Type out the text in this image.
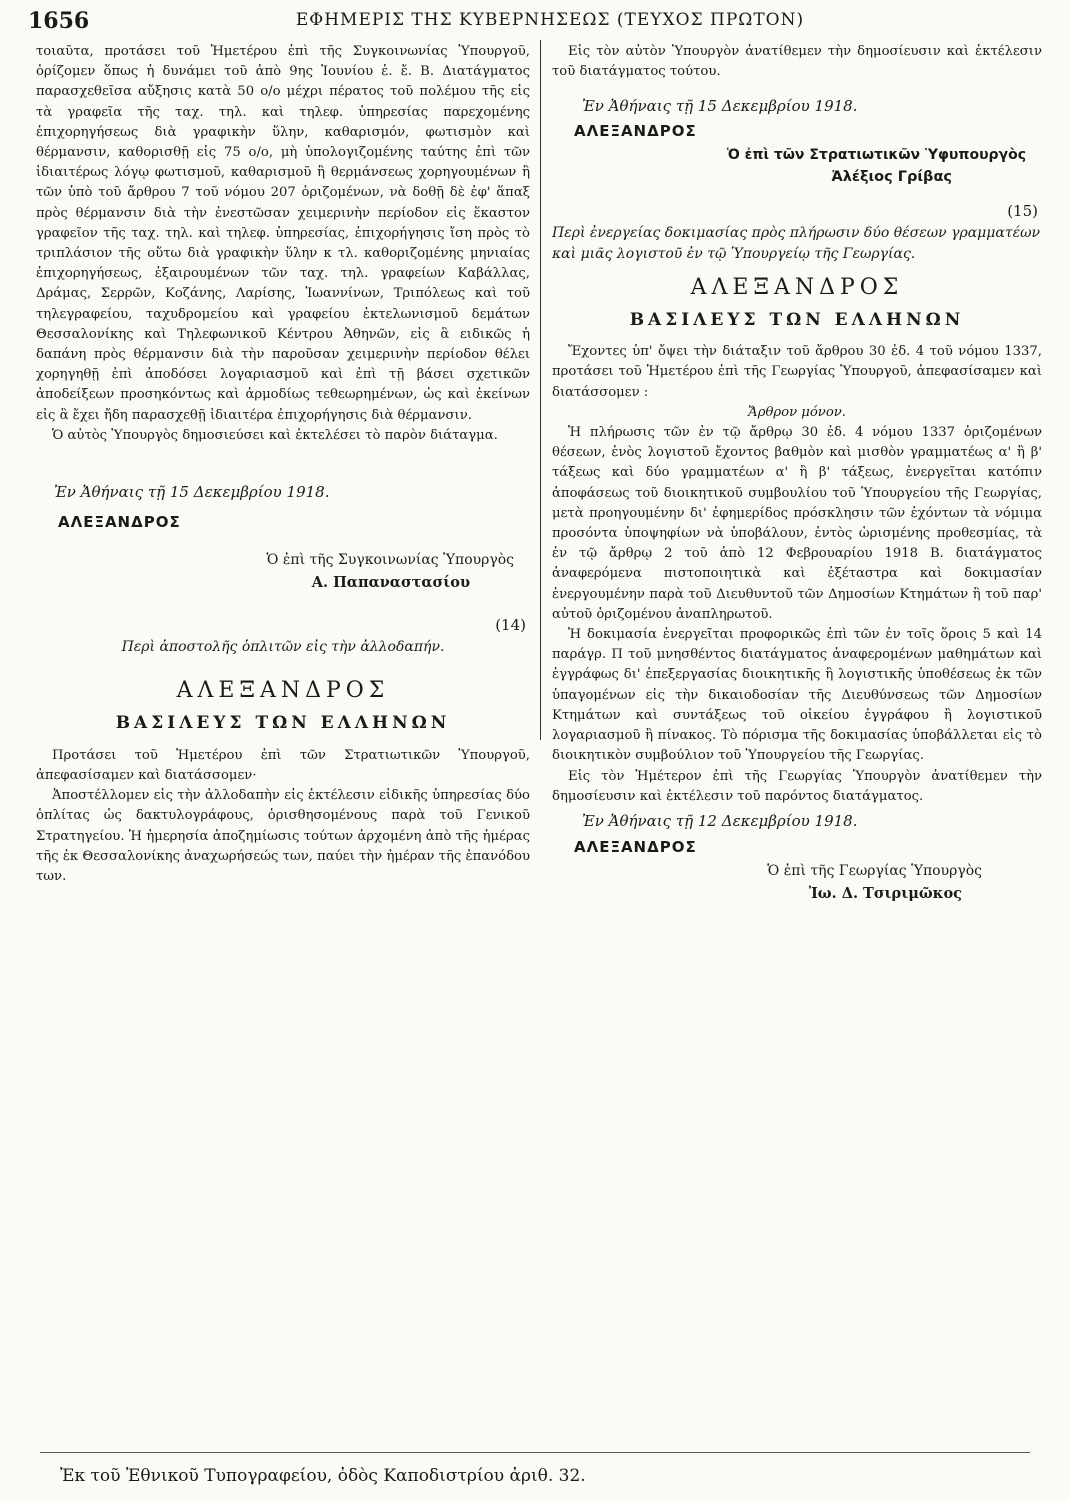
1656	ΕΦΗΜΕΡΙΣ ΤΗΣ ΚΥΒΕΡΝΗΣΕΩΣ (ΤΕΥΧΟΣ ΠΡΩΤΟΝ)

τοιαῦτα, προτάσει τοῦ Ἡμετέρου ἐπὶ τῆς Συγκοινωνίας Ὑπουργοῦ, ὁρίζομεν ὅπως ἡ δυνάμει τοῦ ἀπὸ 9ης Ἰουνίου ἐ. ἔ. Β. Διατάγματος παρασχεθεῖσα αὔξησις κατὰ 50 ο/ο μέχρι πέρατος τοῦ πολέμου τῆς εἰς τὰ γραφεῖα τῆς ταχ. τηλ. καὶ τηλεφ. ὑπηρεσίας παρεχομένης ἐπιχορηγήσεως διὰ γραφικὴν ὕλην, καθαρισμόν, φωτισμὸν καὶ θέρμανσιν, καθορισθῇ εἰς 75 ο/ο, μὴ ὑπολογιζομένης ταύτης ἐπὶ τῶν ἰδιαιτέρως λόγῳ φωτισμοῦ, καθαρισμοῦ ἢ θερμάνσεως χορηγουμένων ἢ τῶν ὑπὸ τοῦ ἄρθρου 7 τοῦ νόμου 207 ὁριζομένων, νὰ δοθῇ δὲ ἐφ' ἅπαξ πρὸς θέρμανσιν διὰ τὴν ἐνεστῶσαν χειμερινὴν περίοδον εἰς ἕκαστον γραφεῖον τῆς ταχ. τηλ. καὶ τηλεφ. ὑπηρεσίας, ἐπιχορήγησις ἴση πρὸς τὸ τριπλάσιον τῆς οὕτω διὰ γραφικὴν ὕλην κ τλ. καθοριζομένης μηνιαίας ἐπιχορηγήσεως, ἐξαιρουμένων τῶν ταχ. τηλ. γραφείων Καβάλλας, Δράμας, Σερρῶν, Κοζάνης, Λαρίσης, Ἰωαννίνων, Τριπόλεως καὶ τοῦ τηλεγραφείου, ταχυδρομείου καὶ γραφείου ἐκτελωνισμοῦ δεμάτων Θεσσαλονίκης καὶ Τηλεφωνικοῦ Κέντρου Ἀθηνῶν, εἰς ἃ ειδικῶς ἡ δαπάνη πρὸς θέρμανσιν διὰ τὴν παροῦσαν χειμερινὴν περίοδον θέλει χορηγηθῇ ἐπὶ ἀποδόσει λογαριασμοῦ καὶ ἐπὶ τῇ βάσει σχετικῶν ἀποδείξεων προσηκόντως καὶ ἁρμοδίως τεθεωρημένων, ὡς καὶ ἐκείνων εἰς ἃ ἔχει ἤδη παρασχεθῇ ἰδιαιτέρα ἐπιχορήγησις διὰ θέρμανσιν.

Ὁ αὐτὸς Ὑπουργὸς δημοσιεύσει καὶ ἐκτελέσει τὸ παρὸν διάταγμα.

Ἐν Ἀθήναις τῇ 15 Δεκεμβρίου 1918.
ΑΛΕΞΑΝΔΡΟΣ
Ὁ ἐπὶ τῆς Συγκοινωνίας Ὑπουργὸς
Α. Παπαναστασίου
(14)
Περὶ ἀποστολῆς ὁπλιτῶν εἰς τὴν ἀλλοδαπήν.
ΑΛΕΞΑΝΔΡΟΣ
ΒΑΣΙΛΕΥΣ ΤΩΝ ΕΛΛΗΝΩΝ

Προτάσει τοῦ Ἡμετέρου ἐπὶ τῶν Στρατιωτικῶν Ὑπουργοῦ, ἀπεφασίσαμεν καὶ διατάσσομεν·

Ἀποστέλλομεν εἰς τὴν ἀλλοδαπὴν εἰς ἐκτέλεσιν εἰδικῆς ὑπηρεσίας δύο ὁπλίτας ὡς δακτυλογράφους, ὁρισθησομένους παρὰ τοῦ Γενικοῦ Στρατηγείου. Ἡ ἡμερησία ἀποζημίωσις τούτων ἀρχομένη ἀπὸ τῆς ἡμέρας τῆς ἐκ Θεσσαλονίκης ἀναχωρήσεώς των, παύει τὴν ἡμέραν τῆς ἐπανόδου των.

Εἰς τὸν αὐτὸν Ὑπουργὸν ἀνατίθεμεν τὴν δημοσίευσιν καὶ ἐκτέλεσιν τοῦ διατάγματος τούτου.

Ἐν Ἀθήναις τῇ 15 Δεκεμβρίου 1918.
ΑΛΕΞΑΝΔΡΟΣ
Ὁ ἐπὶ τῶν Στρατιωτικῶν Ὑφυπουργὸς
Ἀλέξιος Γρίβας
(15)
Περὶ ἐνεργείας δοκιμασίας πρὸς πλήρωσιν δύο θέσεων γραμματέων καὶ μιᾶς λογιστοῦ ἐν τῷ Ὑπουργείῳ τῆς Γεωργίας.
ΑΛΕΞΑΝΔΡΟΣ
ΒΑΣΙΛΕΥΣ ΤΩΝ ΕΛΛΗΝΩΝ

Ἔχοντες ὑπ' ὄψει τὴν διάταξιν τοῦ ἄρθρου 30 ἐδ. 4 τοῦ νόμου 1337, προτάσει τοῦ Ἡμετέρου ἐπὶ τῆς Γεωργίας Ὑπουργοῦ, ἀπεφασίσαμεν καὶ διατάσσομεν :

Ἄρθρον μόνον.

Ἡ πλήρωσις τῶν ἐν τῷ ἄρθρῳ 30 ἐδ. 4 νόμου 1337 ὁριζομένων θέσεων, ἑνὸς λογιστοῦ ἔχοντος βαθμὸν καὶ μισθὸν γραμματέως α' ἢ β' τάξεως καὶ δύο γραμματέων α' ἢ β' τάξεως, ἐνεργεῖται κατόπιν ἀποφάσεως τοῦ διοικητικοῦ συμβουλίου τοῦ Ὑπουργείου τῆς Γεωργίας, μετὰ προηγουμένην δι' ἐφημερίδος πρόσκλησιν τῶν ἐχόντων τὰ νόμιμα προσόντα ὑποψηφίων νὰ ὑποβάλουν, ἐντὸς ὡρισμένης προθεσμίας, τὰ ἐν τῷ ἄρθρῳ 2 τοῦ ἀπὸ 12 Φεβρουαρίου 1918 Β. διατάγματος ἀναφερόμενα πιστοποιητικὰ καὶ ἐξέταστρα καὶ δοκιμασίαν ἐνεργουμένην παρὰ τοῦ Διευθυντοῦ τῶν Δημοσίων Κτημάτων ἢ τοῦ παρ' αὐτοῦ ὁριζομένου ἀναπληρωτοῦ.

Ἡ δοκιμασία ἐνεργεῖται προφορικῶς ἐπὶ τῶν ἐν τοῖς ὅροις 5 καὶ 14 παράγρ. Π τοῦ μνησθέντος διατάγματος ἀναφερομένων μαθημάτων καὶ ἐγγράφως δι' ἐπεξεργασίας διοικητικῆς ἢ λογιστικῆς ὑποθέσεως ἐκ τῶν ὑπαγομένων εἰς τὴν δικαιοδοσίαν τῆς Διευθύνσεως τῶν Δημοσίων Κτημάτων καὶ συντάξεως τοῦ οἰκείου ἐγγράφου ἢ λογιστικοῦ λογαριασμοῦ ἢ πίνακος. Τὸ πόρισμα τῆς δοκιμασίας ὑποβάλλεται εἰς τὸ διοικητικὸν συμβούλιον τοῦ Ὑπουργείου τῆς Γεωργίας.

Εἰς τὸν Ἡμέτερον ἐπὶ τῆς Γεωργίας Ὑπουργὸν ἀνατίθεμεν τὴν δημοσίευσιν καὶ ἐκτέλεσιν τοῦ παρόντος διατάγματος.

Ἐν Ἀθήναις τῇ 12 Δεκεμβρίου 1918.
ΑΛΕΞΑΝΔΡΟΣ
Ὁ ἐπὶ τῆς Γεωργίας Ὑπουργὸς
Ἰω. Δ. Τσιριμῶκος
Ἐκ τοῦ Ἐθνικοῦ Τυπογραφείου, ὁδὸς Καποδιστρίου ἀριθ. 32.
